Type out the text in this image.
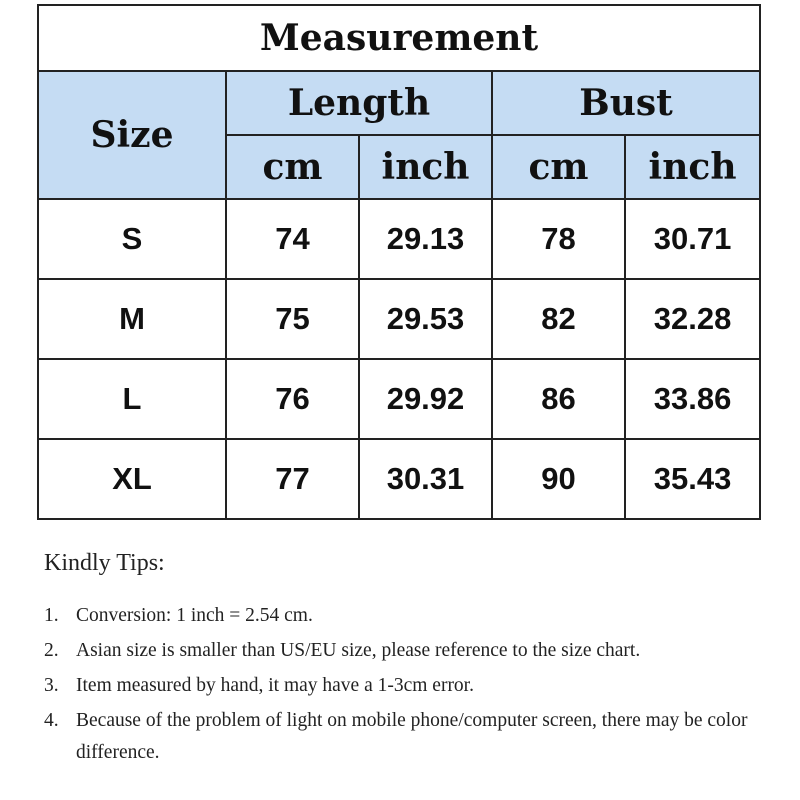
Measurement				
Size	Length		Bust	
	cm	inch	cm	inch
S	74	29.13	78	30.71
M	75	29.53	82	32.28
L	76	29.92	86	33.86
XL	77	30.31	90	35.43
Kindly Tips:
1. Conversion: 1 inch = 2.54 cm.
2. Asian size is smaller than US/EU size, please reference to the size chart.
3. Item measured by hand, it may have a 1-3cm error.
4. Because of the problem of light on mobile phone/computer screen, there may be color difference.
